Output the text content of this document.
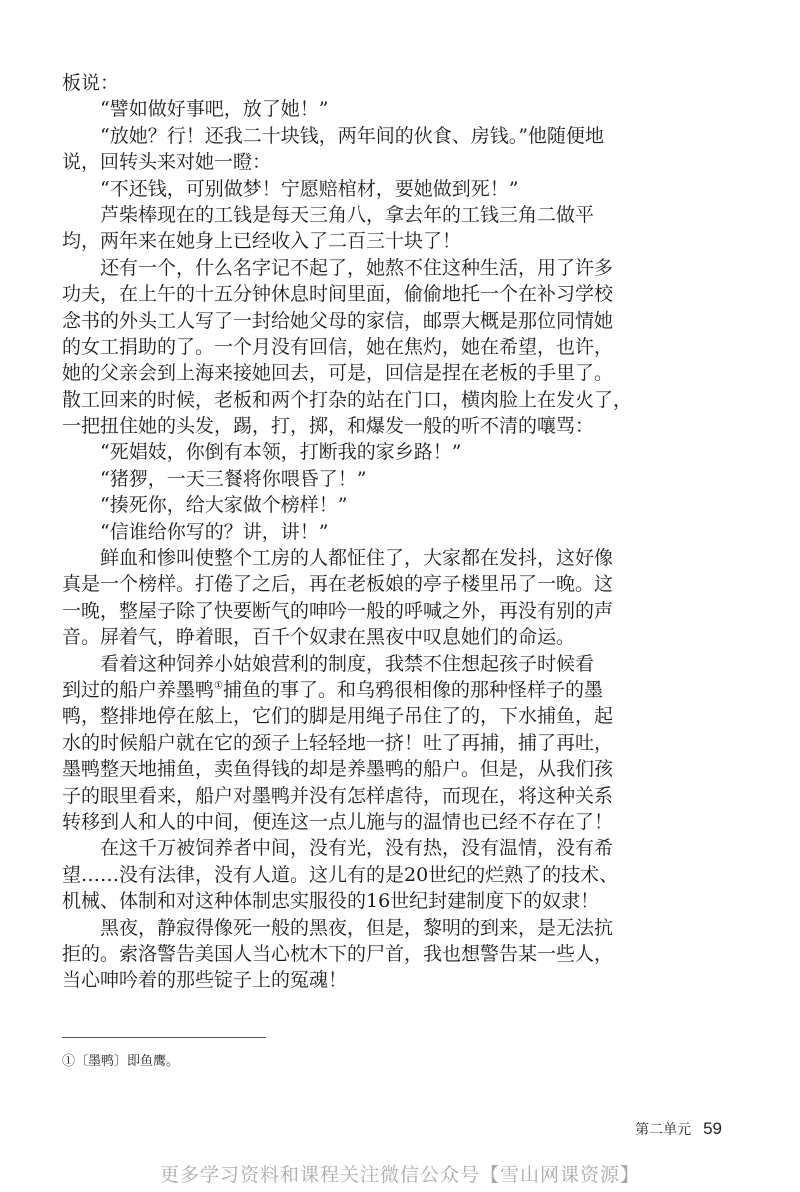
板说：
“譬如做好事吧，放了她！”
“放她？行！还我二十块钱，两年间的伙食、房钱。”他随便地
说，回转头来对她一瞪：
“不还钱，可别做梦！宁愿赔棺材，要她做到死！”
芦柴棒现在的工钱是每天三角八，拿去年的工钱三角二做平
均，两年来在她身上已经收入了二百三十块了！
还有一个，什么名字记不起了，她熬不住这种生活，用了许多
功夫，在上午的十五分钟休息时间里面，偷偷地托一个在补习学校
念书的外头工人写了一封给她父母的家信，邮票大概是那位同情她
的女工捐助的了。一个月没有回信，她在焦灼，她在希望，也许，
她的父亲会到上海来接她回去，可是，回信是捏在老板的手里了。
散工回来的时候，老板和两个打杂的站在门口，横肉脸上在发火了，
一把扭住她的头发，踢，打，掷，和爆发一般的听不清的嚷骂：
“死娼妓，你倒有本领，打断我的家乡路！”
“猪猡，一天三餐将你喂昏了！”
“揍死你，给大家做个榜样！”
“信谁给你写的？讲，讲！”
鲜血和惨叫使整个工房的人都怔住了，大家都在发抖，这好像
真是一个榜样。打倦了之后，再在老板娘的亭子楼里吊了一晚。这
一晚，整屋子除了快要断气的呻吟一般的呼喊之外，再没有别的声
音。屏着气，睁着眼，百千个奴隶在黑夜中叹息她们的命运。
看着这种饲养小姑娘营利的制度，我禁不住想起孩子时候看
到过的船户养墨鸭①捕鱼的事了。和乌鸦很相像的那种怪样子的墨
鸭，整排地停在舷上，它们的脚是用绳子吊住了的，下水捕鱼，起
水的时候船户就在它的颈子上轻轻地一挤！吐了再捕，捕了再吐，
墨鸭整天地捕鱼，卖鱼得钱的却是养墨鸭的船户。但是，从我们孩
子的眼里看来，船户对墨鸭并没有怎样虐待，而现在，将这种关系
转移到人和人的中间，便连这一点儿施与的温情也已经不存在了！
在这千万被饲养者中间，没有光，没有热，没有温情，没有希
望……没有法律，没有人道。这儿有的是20世纪的烂熟了的技术、
机械、体制和对这种体制忠实服役的16世纪封建制度下的奴隶！
黑夜，静寂得像死一般的黑夜，但是，黎明的到来，是无法抗
拒的。索洛警告美国人当心枕木下的尸首，我也想警告某一些人，
当心呻吟着的那些锭子上的冤魂！
①〔墨鸭〕即鱼鹰。
第二单元 59
更多学习资料和课程关注微信公众号【雪山网课资源】
